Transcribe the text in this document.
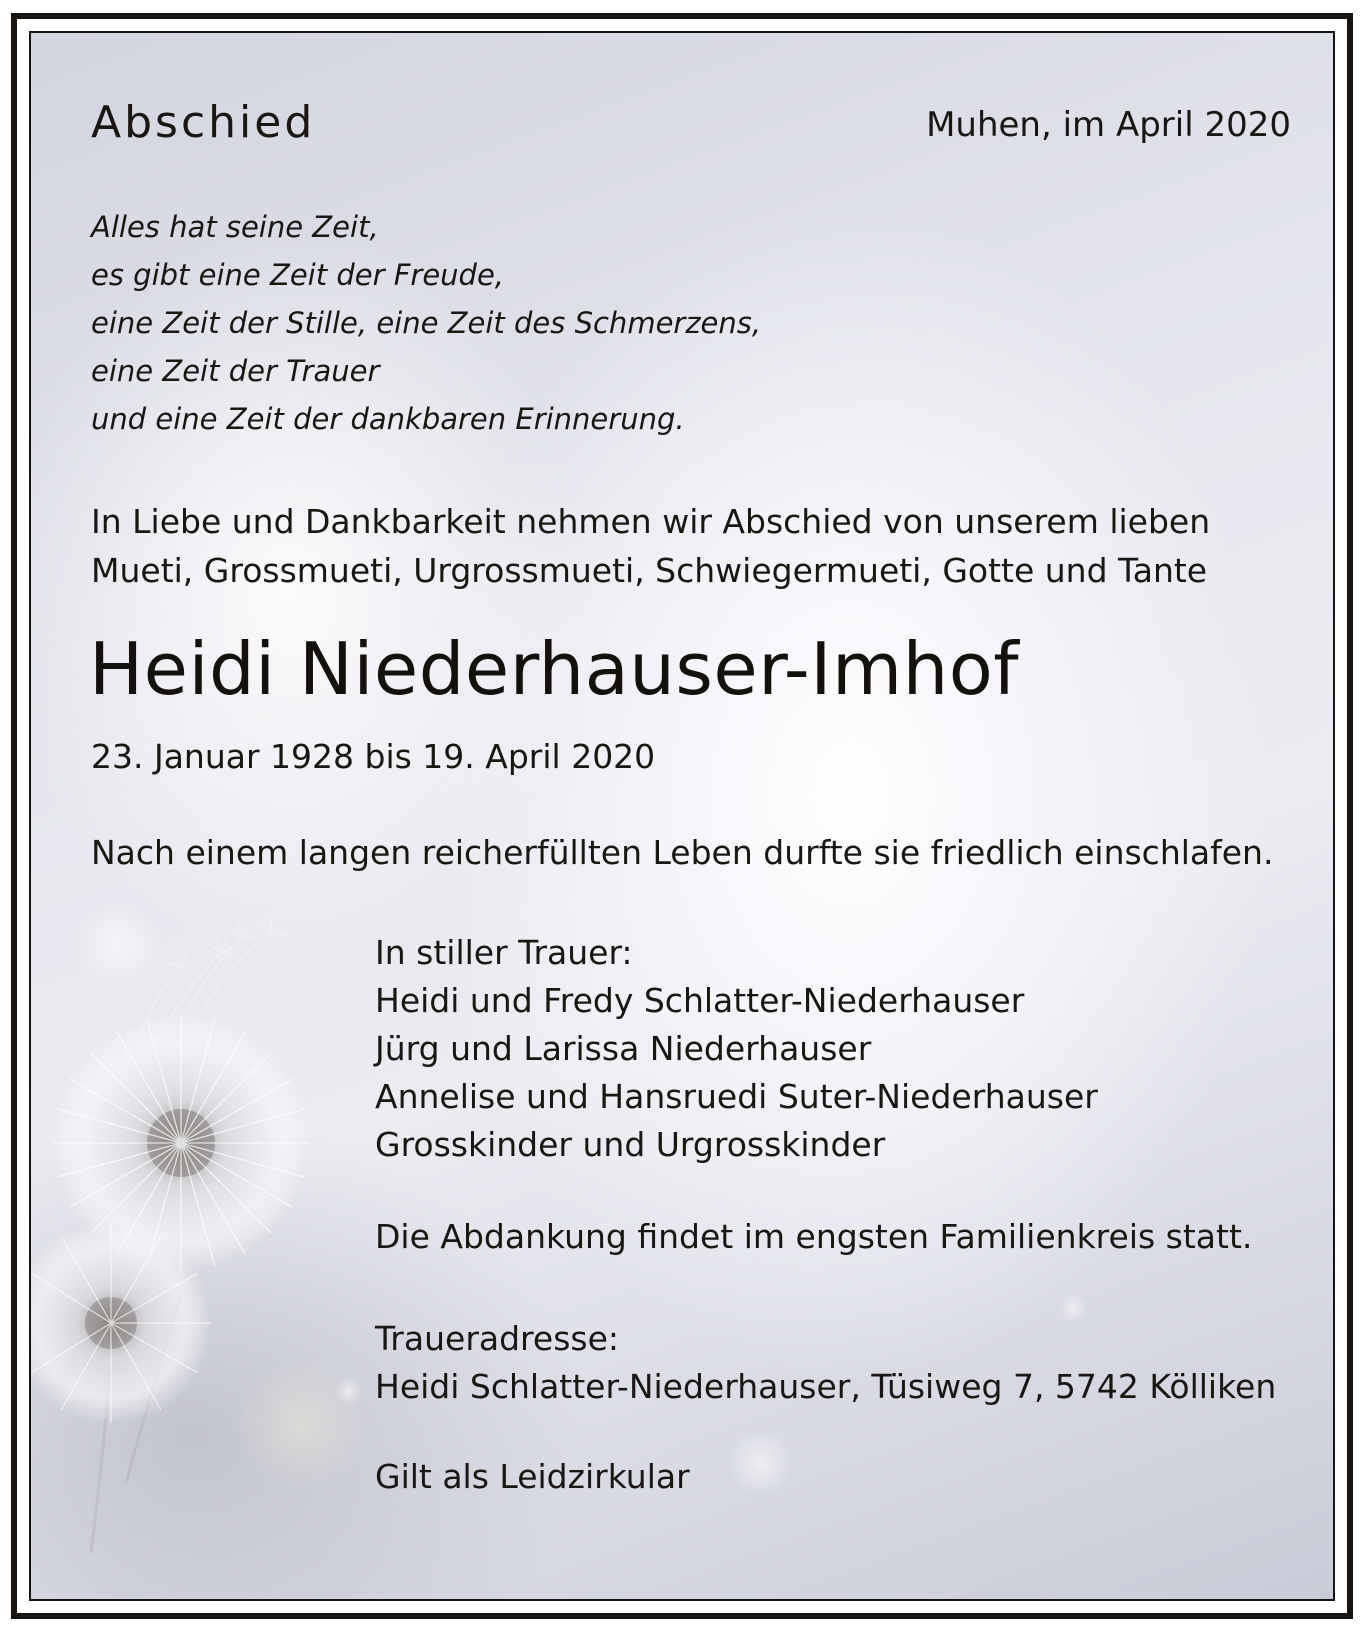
Abschied	Muhen, im April 2020

Alles hat seine Zeit,
es gibt eine Zeit der Freude,
eine Zeit der Stille, eine Zeit des Schmerzens,
eine Zeit der Trauer
und eine Zeit der dankbaren Erinnerung.
In Liebe und Dankbarkeit nehmen wir Abschied von unserem lieben
Mueti, Grossmueti, Urgrossmueti, Schwiegermueti, Gotte und Tante
Heidi Niederhauser-Imhof

23. Januar 1928 bis 19. April 2020

Nach einem langen reicherfüllten Leben durfte sie friedlich einschlafen.

In stiller Trauer:
Heidi und Fredy Schlatter-Niederhauser
Jürg und Larissa Niederhauser
Annelise und Hansruedi Suter-Niederhauser
Grosskinder und Urgrosskinder

Die Abdankung findet im engsten Familienkreis statt.

Traueradresse:
Heidi Schlatter-Niederhauser, Tüsiweg 7, 5742 Kölliken

Gilt als Leidzirkular
